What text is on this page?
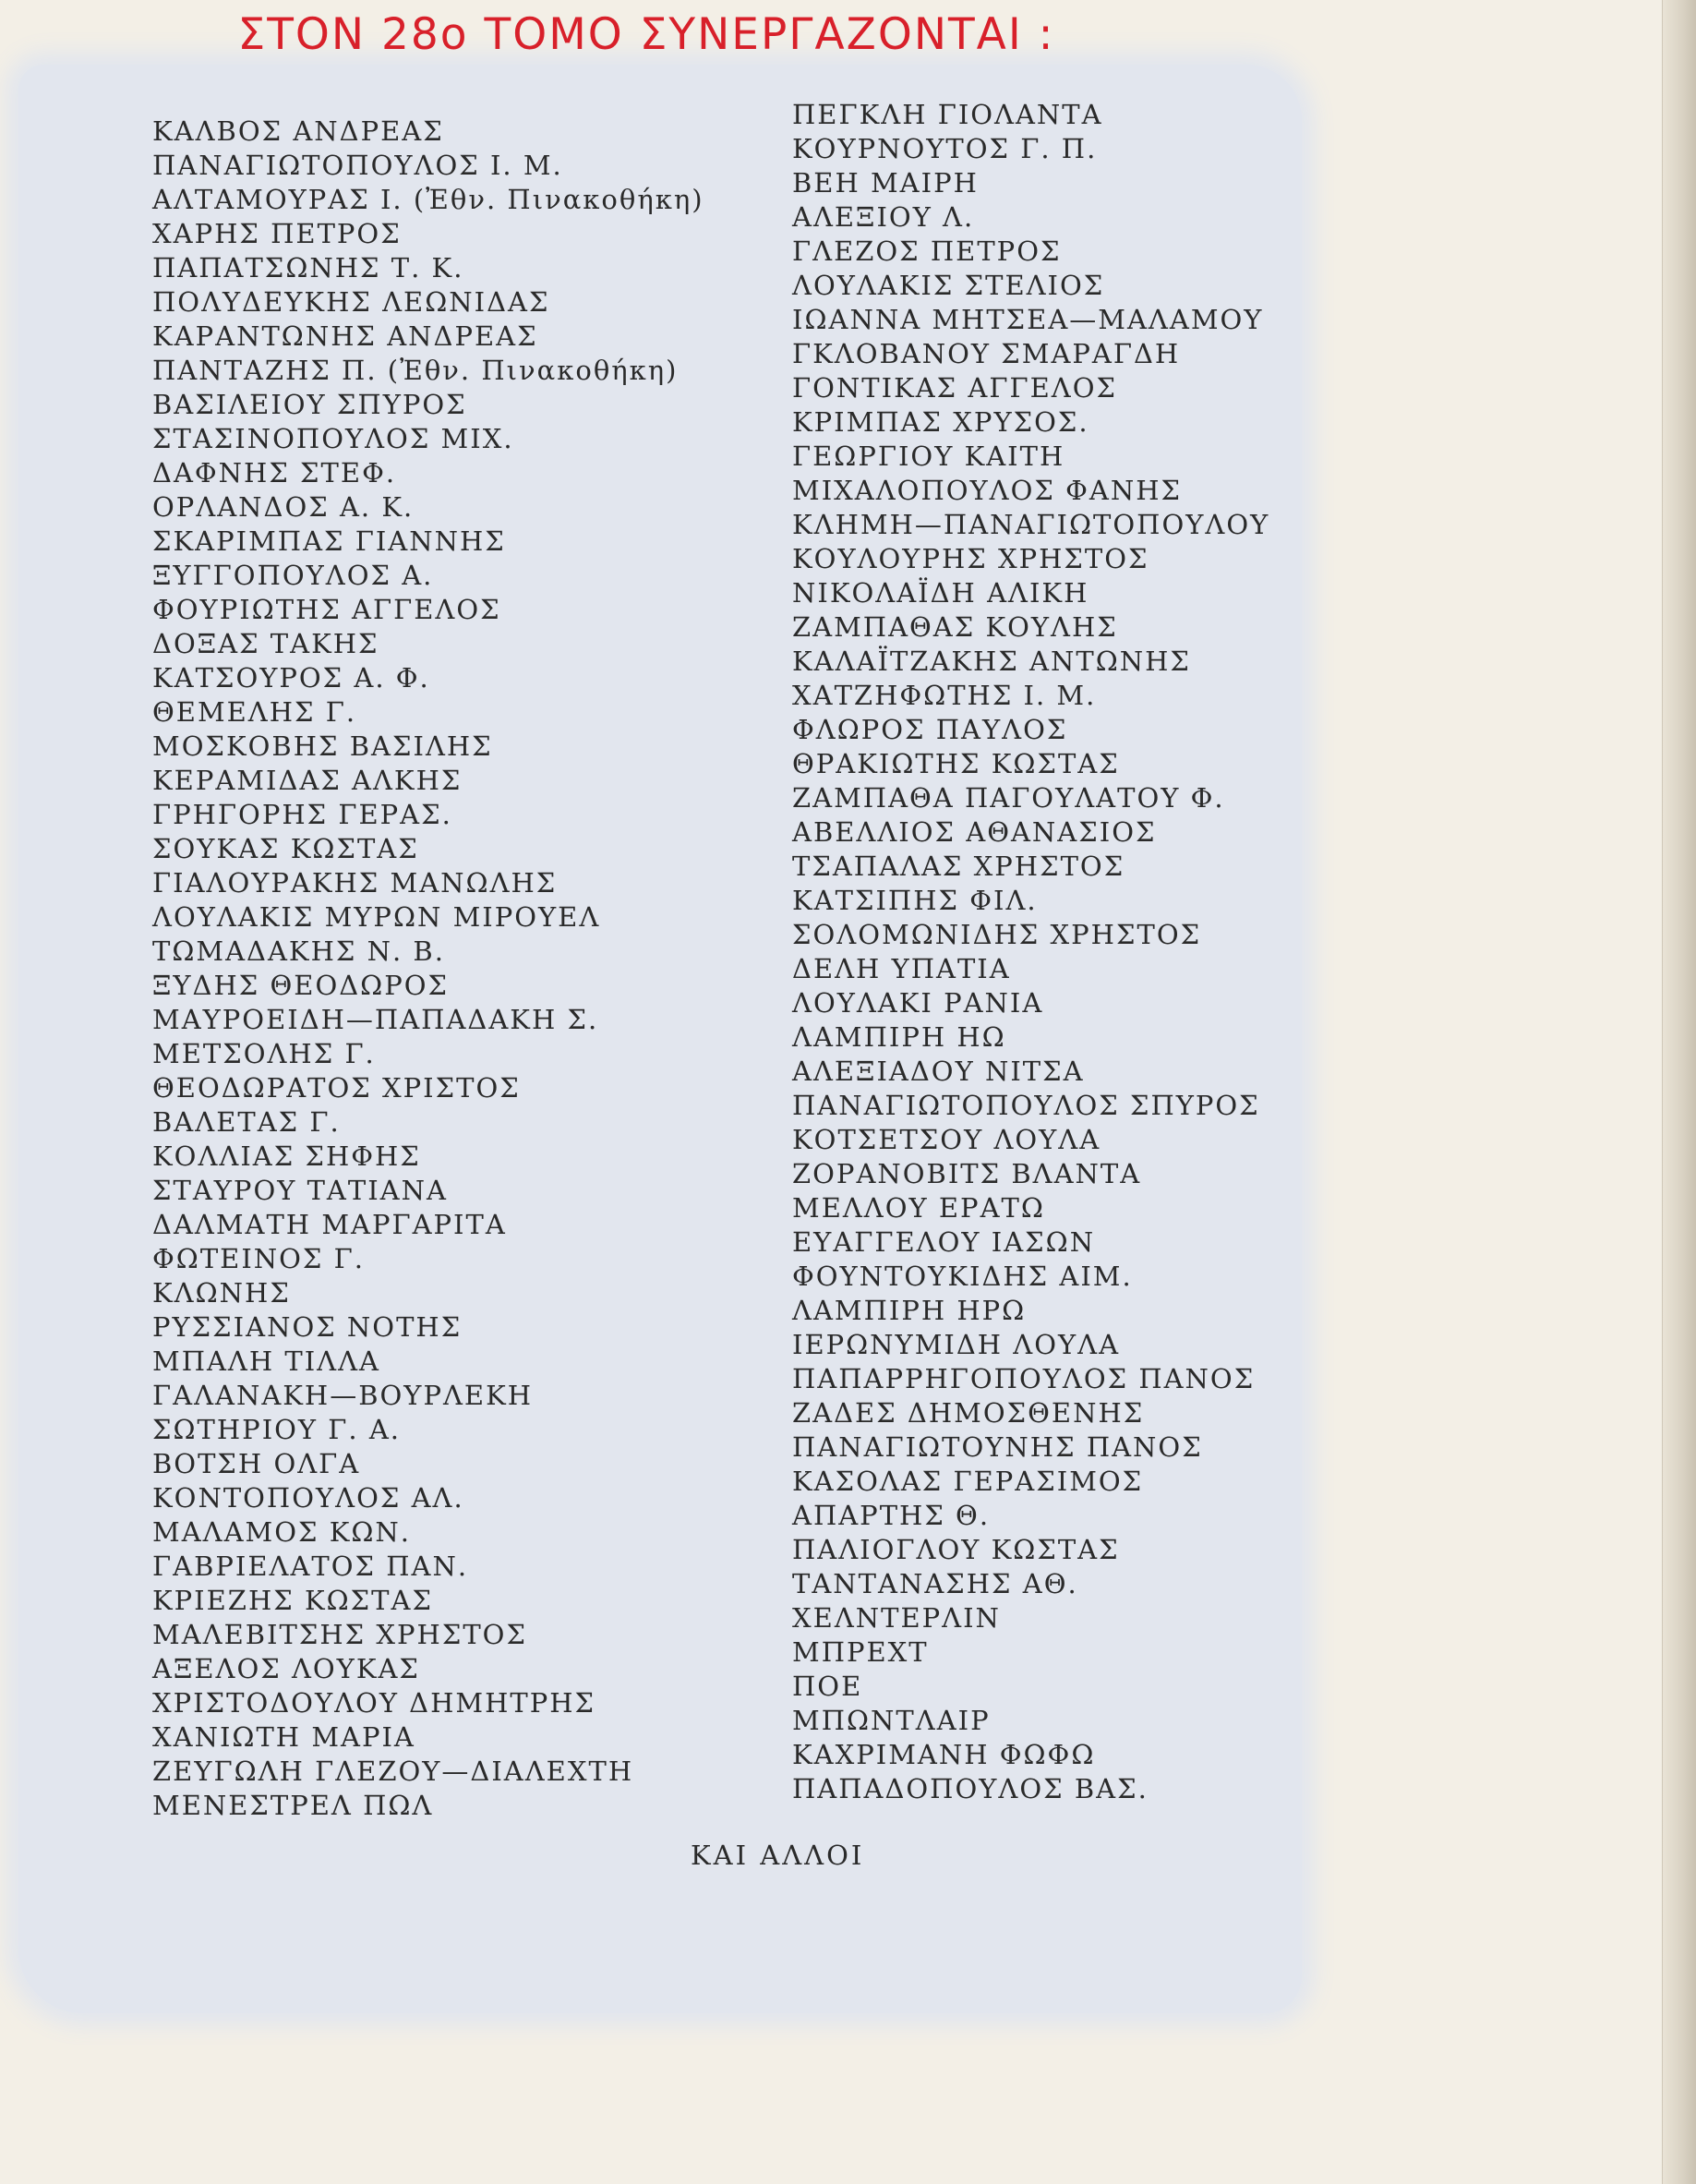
ΣΤΟΝ 28ο ΤΟΜΟ ΣΥΝΕΡΓΑΖΟΝΤΑΙ :
ΚΑΛΒΟΣ ΑΝΔΡΕΑΣ
ΠΑΝΑΓΙΩΤΟΠΟΥΛΟΣ Ι. Μ.
ΑΛΤΑΜΟΥΡΑΣ Ι. (Ἐθν. Πινακοθήκη)
ΧΑΡΗΣ ΠΕΤΡΟΣ
ΠΑΠΑΤΣΩΝΗΣ Τ. Κ.
ΠΟΛΥΔΕΥΚΗΣ ΛΕΩΝΙΔΑΣ
ΚΑΡΑΝΤΩΝΗΣ ΑΝΔΡΕΑΣ
ΠΑΝΤΑΖΗΣ Π. (Ἐθν. Πινακοθήκη)
ΒΑΣΙΛΕΙΟΥ ΣΠΥΡΟΣ
ΣΤΑΣΙΝΟΠΟΥΛΟΣ ΜΙΧ.
ΔΑΦΝΗΣ ΣΤΕΦ.
ΟΡΛΑΝΔΟΣ Α. Κ.
ΣΚΑΡΙΜΠΑΣ ΓΙΑΝΝΗΣ
ΞΥΓΓΟΠΟΥΛΟΣ Α.
ΦΟΥΡΙΩΤΗΣ ΑΓΓΕΛΟΣ
ΔΟΞΑΣ ΤΑΚΗΣ
ΚΑΤΣΟΥΡΟΣ Α. Φ.
ΘΕΜΕΛΗΣ Γ.
ΜΟΣΚΟΒΗΣ ΒΑΣΙΛΗΣ
ΚΕΡΑΜΙΔΑΣ ΑΛΚΗΣ
ΓΡΗΓΟΡΗΣ ΓΕΡΑΣ.
ΣΟΥΚΑΣ ΚΩΣΤΑΣ
ΓΙΑΛΟΥΡΑΚΗΣ ΜΑΝΩΛΗΣ
ΛΟΥΛΑΚΙΣ ΜΥΡΩΝ ΜΙΡΟΥΕΛ
ΤΩΜΑΔΑΚΗΣ Ν. Β.
ΞΥΔΗΣ ΘΕΟΔΩΡΟΣ
ΜΑΥΡΟΕΙΔΗ—ΠΑΠΑΔΑΚΗ Σ.
ΜΕΤΣΟΛΗΣ Γ.
ΘΕΟΔΩΡΑΤΟΣ ΧΡΙΣΤΟΣ
ΒΑΛΕΤΑΣ Γ.
ΚΟΛΛΙΑΣ ΣΗΦΗΣ
ΣΤΑΥΡΟΥ ΤΑΤΙΑΝΑ
ΔΑΛΜΑΤΗ ΜΑΡΓΑΡΙΤΑ
ΦΩΤΕΙΝΟΣ Γ.
ΚΛΩΝΗΣ
ΡΥΣΣΙΑΝΟΣ ΝΟΤΗΣ
ΜΠΑΛΗ ΤΙΛΛΑ
ΓΑΛΑΝΑΚΗ—ΒΟΥΡΛΕΚΗ
ΣΩΤΗΡΙΟΥ Γ. Α.
ΒΟΤΣΗ ΟΛΓΑ
ΚΟΝΤΟΠΟΥΛΟΣ ΑΛ.
ΜΑΛΑΜΟΣ ΚΩΝ.
ΓΑΒΡΙΕΛΑΤΟΣ ΠΑΝ.
ΚΡΙΕΖΗΣ ΚΩΣΤΑΣ
ΜΑΛΕΒΙΤΣΗΣ ΧΡΗΣΤΟΣ
ΑΞΕΛΟΣ ΛΟΥΚΑΣ
ΧΡΙΣΤΟΔΟΥΛΟΥ ΔΗΜΗΤΡΗΣ
ΧΑΝΙΩΤΗ ΜΑΡΙΑ
ΖΕΥΓΩΛΗ ΓΛΕΖΟΥ—ΔΙΑΛΕΧΤΗ
ΜΕΝΕΣΤΡΕΛ ΠΩΛ
ΠΕΓΚΛΗ ΓΙΟΛΑΝΤΑ
ΚΟΥΡΝΟΥΤΟΣ Γ. Π.
ΒΕΗ ΜΑΙΡΗ
ΑΛΕΞΙΟΥ Λ.
ΓΛΕΖΟΣ ΠΕΤΡΟΣ
ΛΟΥΛΑΚΙΣ ΣΤΕΛΙΟΣ
ΙΩΑΝΝΑ ΜΗΤΣΕΑ—ΜΑΛΑΜΟΥ
ΓΚΛΟΒΑΝΟΥ ΣΜΑΡΑΓΔΗ
ΓΟΝΤΙΚΑΣ ΑΓΓΕΛΟΣ
ΚΡΙΜΠΑΣ ΧΡΥΣΟΣ.
ΓΕΩΡΓΙΟΥ ΚΑΙΤΗ
ΜΙΧΑΛΟΠΟΥΛΟΣ ΦΑΝΗΣ
ΚΛΗΜΗ—ΠΑΝΑΓΙΩΤΟΠΟΥΛΟΥ
ΚΟΥΛΟΥΡΗΣ ΧΡΗΣΤΟΣ
ΝΙΚΟΛΑΪΔΗ ΑΛΙΚΗ
ΖΑΜΠΑΘΑΣ ΚΟΥΛΗΣ
ΚΑΛΑΪΤΖΑΚΗΣ ΑΝΤΩΝΗΣ
ΧΑΤΖΗΦΩΤΗΣ Ι. Μ.
ΦΛΩΡΟΣ ΠΑΥΛΟΣ
ΘΡΑΚΙΩΤΗΣ ΚΩΣΤΑΣ
ΖΑΜΠΑΘΑ ΠΑΓΟΥΛΑΤΟΥ Φ.
ΑΒΕΛΛΙΟΣ ΑΘΑΝΑΣΙΟΣ
ΤΣΑΠΑΛΑΣ ΧΡΗΣΤΟΣ
ΚΑΤΣΙΠΗΣ ΦΙΛ.
ΣΟΛΟΜΩΝΙΔΗΣ ΧΡΗΣΤΟΣ
ΔΕΛΗ ΥΠΑΤΙΑ
ΛΟΥΛΑΚΙ ΡΑΝΙΑ
ΛΑΜΠΙΡΗ ΗΩ
ΑΛΕΞΙΑΔΟΥ ΝΙΤΣΑ
ΠΑΝΑΓΙΩΤΟΠΟΥΛΟΣ ΣΠΥΡΟΣ
ΚΟΤΣΕΤΣΟΥ ΛΟΥΛΑ
ΖΟΡΑΝΟΒΙΤΣ ΒΛΑΝΤΑ
ΜΕΛΛΟΥ ΕΡΑΤΩ
ΕΥΑΓΓΕΛΟΥ ΙΑΣΩΝ
ΦΟΥΝΤΟΥΚΙΔΗΣ ΑΙΜ.
ΛΑΜΠΙΡΗ ΗΡΩ
ΙΕΡΩΝΥΜΙΔΗ ΛΟΥΛΑ
ΠΑΠΑΡΡΗΓΟΠΟΥΛΟΣ ΠΑΝΟΣ
ΖΑΔΕΣ ΔΗΜΟΣΘΕΝΗΣ
ΠΑΝΑΓΙΩΤΟΥΝΗΣ ΠΑΝΟΣ
ΚΑΣΟΛΑΣ ΓΕΡΑΣΙΜΟΣ
ΑΠΑΡΤΗΣ Θ.
ΠΑΛΙΟΓΛΟΥ ΚΩΣΤΑΣ
ΤΑΝΤΑΝΑΣΗΣ ΑΘ.
ΧΕΛΝΤΕΡΛΙΝ
ΜΠΡΕΧΤ
ΠΟΕ
ΜΠΩΝΤΛΑΙΡ
ΚΑΧΡΙΜΑΝΗ ΦΩΦΩ
ΠΑΠΑΔΟΠΟΥΛΟΣ ΒΑΣ.
ΚΑΙ ΑΛΛΟΙ
